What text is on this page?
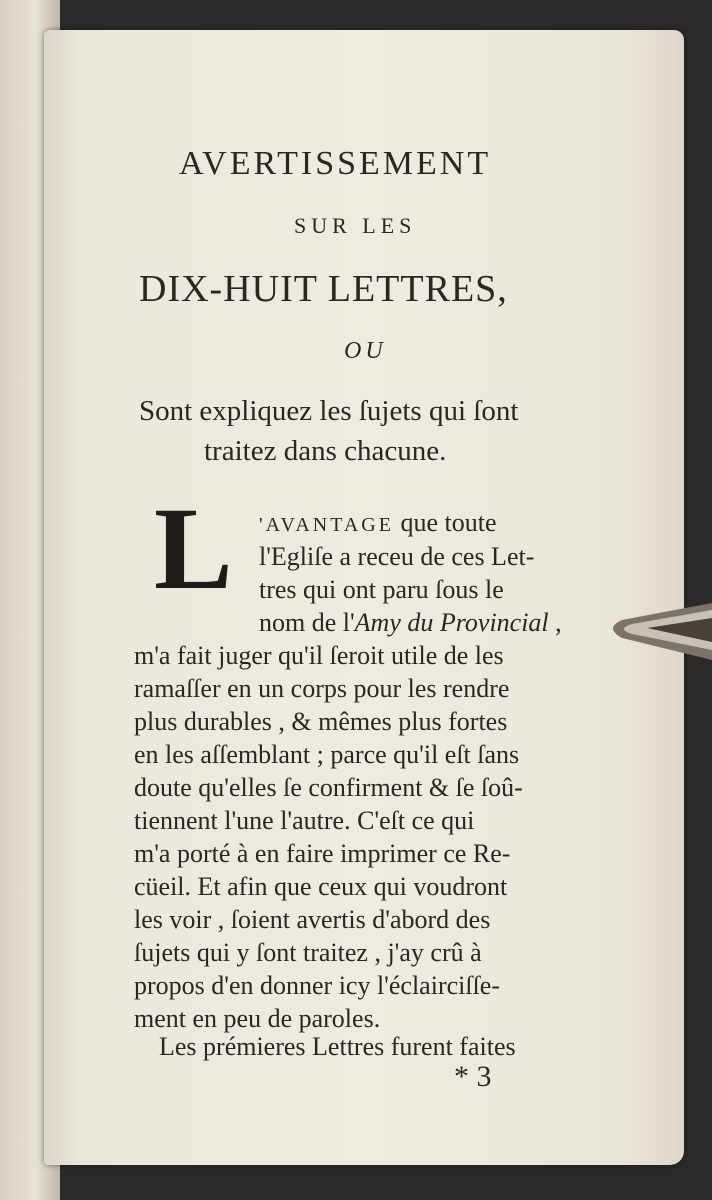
AVERTISSEMENT
SUR LES
DIX-HUIT LETTRES,
OU
Sont expliquez les ſujets qui ſont
traitez dans chacune.
L 'AVANTAGE que toute
l'Egliſe a receu de ces Let-
tres qui ont paru ſous le
nom de l'Amy du Provincial ,
m'a fait juger qu'il ſeroit utile de les
ramaſſer en un corps pour les rendre
plus durables , & mêmes plus fortes
en les aſſemblant ; parce qu'il eſt ſans
doute qu'elles ſe confirment & ſe ſoû-
tiennent l'une l'autre. C'eſt ce qui
m'a porté à en faire imprimer ce Re-
cüeil. Et afin que ceux qui voudront
les voir , ſoient avertis d'abord des
ſujets qui y ſont traitez , j'ay crû à
propos d'en donner icy l'éclairciſſe-
ment en peu de paroles.
Les prémieres Lettres furent faites
* 3
